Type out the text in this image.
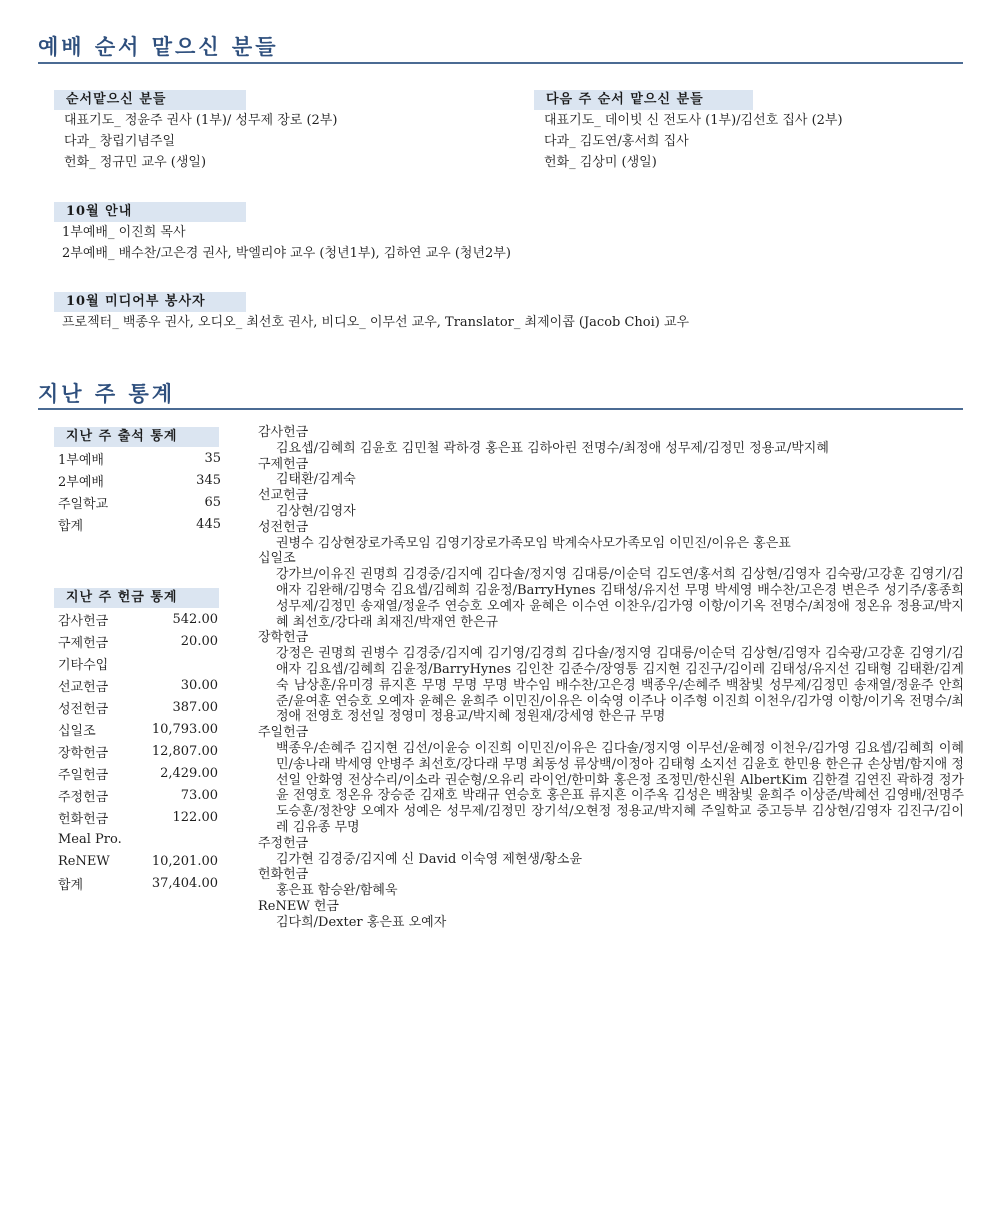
예배 순서 맡으신 분들
순서맡으신 분들
대표기도_ 정윤주 권사 (1부)/ 성무제 장로 (2부)
다과_ 창립기념주일
헌화_ 정규민 교우 (생일)
다음 주 순서 맡으신 분들
대표기도_ 데이빗 신 전도사 (1부)/김선호 집사 (2부)
다과_ 김도연/홍서희 집사
헌화_ 김상미 (생일)
10월 안내
1부예배_ 이진희 목사
2부예배_ 배수찬/고은경 권사, 박엘리야 교우 (청년1부), 김하연 교우 (청년2부)
10월 미디어부 봉사자
프로젝터_ 백종우 권사, 오디오_ 최선호 권사, 비디오_ 이무선 교우, Translator_ 최제이콥 (Jacob Choi) 교우
지난 주 통계
지난 주 출석 통계
1부예배	35
2부예배	345
주일학교	65
합계	445
지난 주 헌금 통계
감사헌금	542.00
구제헌금	20.00
기타수입	
선교헌금	30.00
성전헌금	387.00
십일조	10,793.00
장학헌금	12,807.00
주일헌금	2,429.00
주정헌금	73.00
헌화헌금	122.00
Meal Pro.	
ReNEW	10,201.00
합계	37,404.00

감사헌금

김요셉/김혜희 김윤호 김민철 곽하경 홍은표 김하아린 전명수/최정애 성무제/김정민 정용교/박지혜

구제헌금

김태환/김계숙

선교헌금

김상현/김영자

성전헌금

권병수 김상현장로가족모임 김영기장로가족모임 박계숙사모가족모임 이민진/이유은 홍은표

십일조

강가브/이유진 권명희 김경중/김지예 김다솔/정지영 김대릉/이순덕 김도연/홍서희 김상현/김영자 김숙광/고강훈 김영기/김애자 김완해/김명숙 김요셉/김혜희 김윤정/BarryHynes 김태성/유지선 무명 박세영 배수찬/고은경 변은주 성기주/홍종희 성무제/김정민 송재열/정윤주 연승호 오예자 윤혜은 이수연 이찬우/김가영 이항/이기옥 전명수/최정애 정온유 정용교/박지혜 최선호/강다래 최재진/박재연 한은규

장학헌금

강정은 권명희 권병수 김경중/김지예 김기영/김경희 김다솔/정지영 김대릉/이순덕 김상현/김영자 김숙광/고강훈 김영기/김애자 김요셉/김혜희 김윤정/BarryHynes 김인찬 김준수/장영통 김지현 김진구/김이레 김태성/유지선 김태형 김태환/김계숙 남상훈/유미경 류지흔 무명 무명 무명 박수임 배수찬/고은경 백종우/손혜주 백참빛 성무제/김정민 송재열/정윤주 안희준/윤여훈 연승호 오예자 윤혜은 윤희주 이민진/이유은 이숙영 이주나 이주형 이진희 이천우/김가영 이항/이기옥 전명수/최정애 전영호 정선일 정영미 정용교/박지혜 정원재/강세영 한은규 무명

주일헌금

백종우/손혜주 김지현 김선/이윤승 이진희 이민진/이유은 김다솔/정지영 이무선/윤혜정 이천우/김가영 김요셉/김혜희 이혜민/송나래 박세영 안병주 최선호/강다래 무명 최동성 류상백/이정아 김태형 소지선 김윤호 한민용 한은규 손상범/함지애 정선일 안화영 전상수리/이소라 권순형/오유리 라이언/한미화 홍은정 조정민/한신원 AlbertKim 김한결 김연진 곽하경 정가윤 전영호 정온유 장승준 김재호 박래규 연승호 홍은표 류지흔 이주옥 김성은 백참빛 윤희주 이상준/박혜선 김영배/전명주 도승훈/정찬양 오예자 성예은 성무제/김정민 장기석/오현정 정용교/박지혜 주일학교 중고등부 김상현/김영자 김진구/김이레 김유종 무명

주정헌금

김가현 김경중/김지예 신 David 이숙영 제현생/황소윤

헌화헌금

홍은표 함승완/함혜욱

ReNEW 헌금

김다희/Dexter 홍은표 오예자
